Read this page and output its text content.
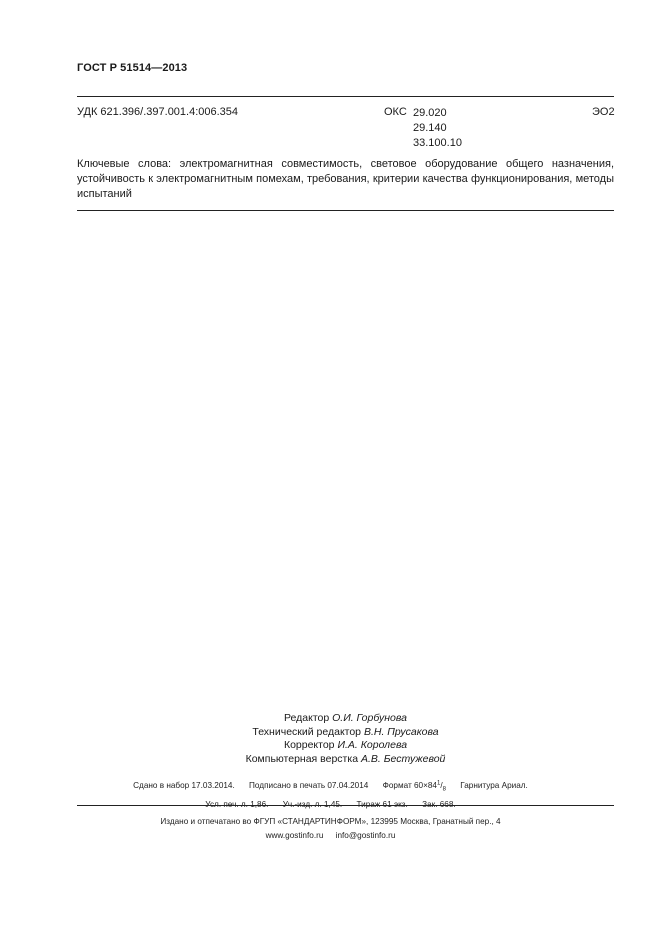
ГОСТ Р 51514—2013
УДК 621.396/.397.001.4:006.354	ОКС 29.020
29.140
33.100.10
ЭО2
Ключевые слова: электромагнитная совместимость, световое оборудование общего назначения, устойчивость к электромагнитным помехам, требования, критерии качества функционирования, методы испытаний
Редактор О.И. Горбунова
Технический редактор В.Н. Прусакова
Корректор И.А. Королева
Компьютерная верстка А.В. Бестужевой
Сдано в набор 17.03.2014. Подписано в печать 07.04.2014 Формат $60\times 84^1/_8$ Гарнитура Ариал.
Усл. печ. л. 1,86. Уч.-изд. л. 1,45. Тираж 61 экз. Зак. 668.
Издано и отпечатано во ФГУП «СТАНДАРТИНФОРМ», 123995 Москва, Гранатный пер., 4
www.gostinfo.ru info@gostinfo.ru
